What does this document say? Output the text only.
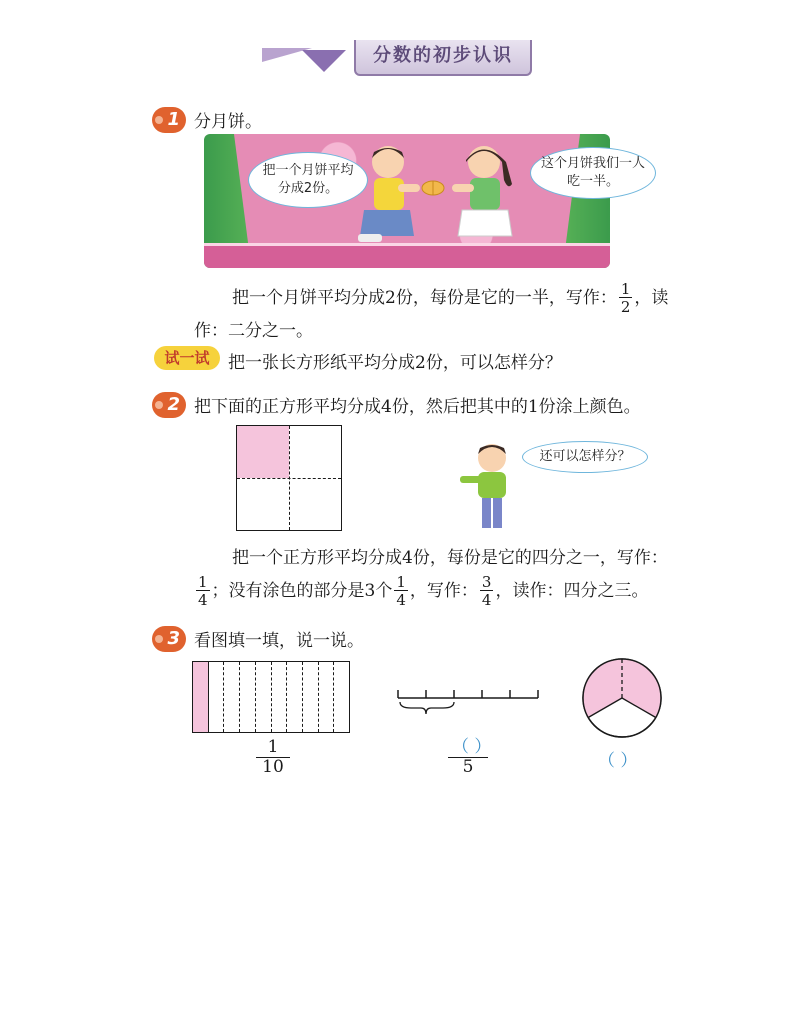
分数的初步认识
1 分月饼。
把一个月饼平均分成2份。
这个月饼我们一人吃一半。
把一个月饼平均分成2份，每份是它的一半，写作： $\frac{1}{2}$ ，读
作：二分之一。
试一试	把一张长方形纸平均分成2份，可以怎样分？
2 把下面的正方形平均分成4份，然后把其中的1份涂上颜色。
还可以怎样分？
把一个正方形平均分成4份，每份是它的四分之一，写作：
$\frac{1}{4}$ ；没有涂色的部分是3个 $\frac{1}{4}$ ，写作： $\frac{3}{4}$ ，读作：四分之三。
3 看图填一填，说一说。
$\frac{1}{10}$	（ ）
5	（ ）
